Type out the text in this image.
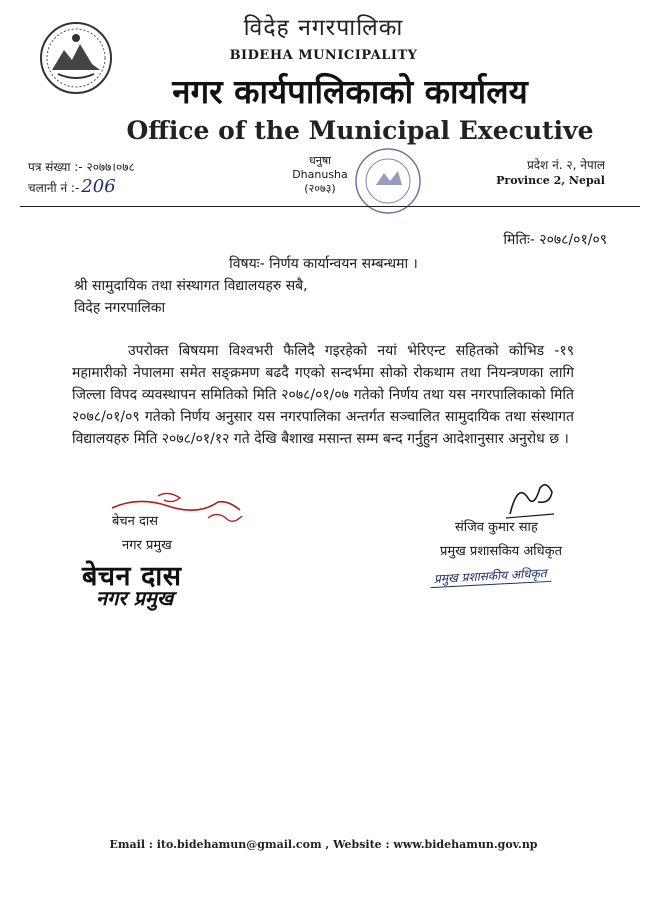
विदेह नगरपालिका
BIDEHA MUNICIPALITY
नगर कार्यपालिकाको कार्यालय
Office of the Municipal Executive
पत्र संख्या :- २०७७।०७८
चलानी नं :- 206
धनुषा
Dhanusha
(२०७३)
प्रदेश नं. २, नेपाल
Province 2, Nepal
मितिः- २०७८/०१/०९
विषयः- निर्णय कार्यान्वयन सम्बन्धमा ।
श्री सामुदायिक तथा संस्थागत विद्यालयहरु सबै,
विदेह नगरपालिका
उपरोक्त बिषयमा विश्वभरी फैलिदै गइरहेको नयां भेरिएन्ट सहितको कोभिड -१९ महामारीको नेपालमा समेत सङ्क्रमण बढदै गएको सन्दर्भमा सोको रोकथाम तथा नियन्त्रणका लागि जिल्ला विपद व्यवस्थापन समितिको मिति २०७८/०१/०७ गतेको निर्णय तथा यस नगरपालिकाको मिति २०७८/०१/०९ गतेको निर्णय अनुसार यस नगरपालिका अन्तर्गत सञ्चालित सामुदायिक तथा संस्थागत विद्यालयहरु मिति २०७८/०१/१२ गते देखि बैशाख मसान्त सम्म बन्द गर्नुहुन आदेशानुसार अनुरोध छ ।
बेचन दास
नगर प्रमुख
बेचन दास
नगर प्रमुख
संजिव कुमार साह
प्रमुख प्रशासकिय अधिकृत
प्रमुख प्रशासकीय अधिकृत
Email : ito.bidehamun@gmail.com , Website : www.bidehamun.gov.np
